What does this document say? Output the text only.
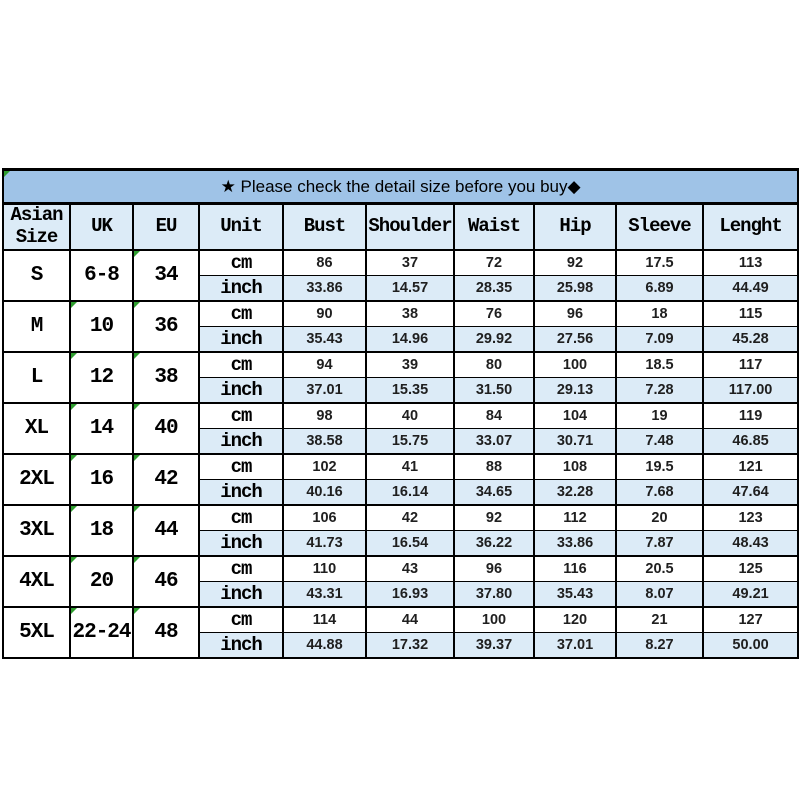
★ Please check the detail size before you buy◆									
Asian Size	UK	EU	Unit	Bust	Shoulder	Waist	Hip	Sleeve	Lenght
S	6-8	34	cm	86	37	72	92	17.5	113
			inch	33.86	14.57	28.35	25.98	6.89	44.49
M	10	36	cm	90	38	76	96	18	115
			inch	35.43	14.96	29.92	27.56	7.09	45.28
L	12	38	cm	94	39	80	100	18.5	117
			inch	37.01	15.35	31.50	29.13	7.28	117.00
XL	14	40	cm	98	40	84	104	19	119
			inch	38.58	15.75	33.07	30.71	7.48	46.85
2XL	16	42	cm	102	41	88	108	19.5	121
			inch	40.16	16.14	34.65	32.28	7.68	47.64
3XL	18	44	cm	106	42	92	112	20	123
			inch	41.73	16.54	36.22	33.86	7.87	48.43
4XL	20	46	cm	110	43	96	116	20.5	125
			inch	43.31	16.93	37.80	35.43	8.07	49.21
5XL	22-24	48	cm	114	44	100	120	21	127
			inch	44.88	17.32	39.37	37.01	8.27	50.00
